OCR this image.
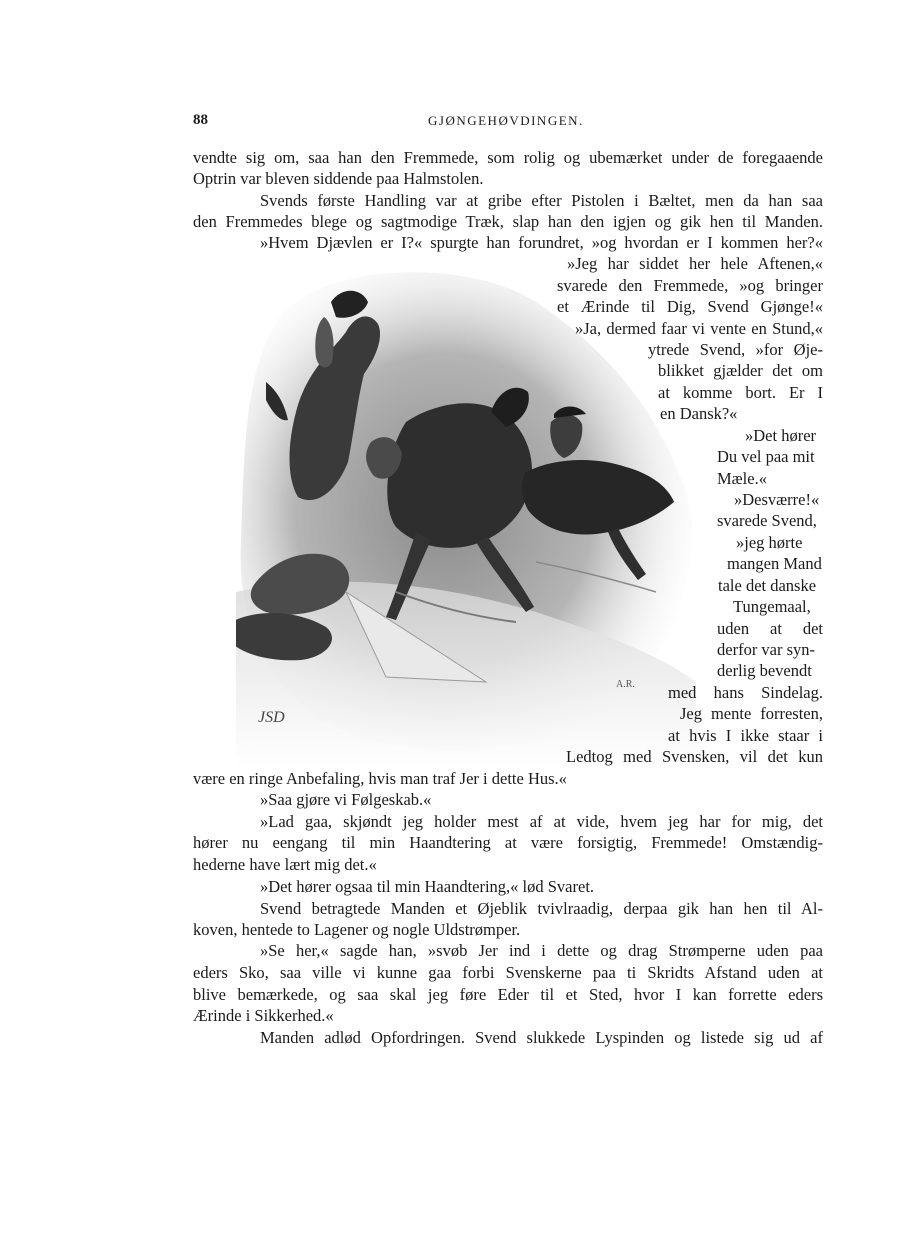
88	GJØNGEHØVDINGEN.
JSD
A.R.
vendte sig om, saa han den Fremmede, som rolig og ubemærket under de foregaaende
Optrin var bleven siddende paa Halmstolen.
Svends første Handling var at gribe efter Pistolen i Bæltet, men da han saa
den Fremmedes blege og sagtmodige Træk, slap han den igjen og gik hen til Manden.
»Hvem Djævlen er I?« spurgte han forundret, »og hvordan er I kommen her?«
»Jeg har siddet her hele Aftenen,«
svarede den Fremmede, »og bringer
et Ærinde til Dig, Svend Gjønge!«
»Ja, dermed faar vi vente en Stund,«
ytrede Svend, »for Øje-
blikket gjælder det om
at komme bort. Er I
en Dansk?«
»Det hører
Du vel paa mit
Mæle.«
»Desværre!«
svarede Svend,
»jeg hørte
mangen Mand
tale det danske
Tungemaal,
uden at det
derfor var syn-
derlig bevendt
med hans Sindelag.
Jeg mente forresten,
at hvis I ikke staar i
Ledtog med Svensken, vil det kun
være en ringe Anbefaling, hvis man traf Jer i dette Hus.«
»Saa gjøre vi Følgeskab.«
»Lad gaa, skjøndt jeg holder mest af at vide, hvem jeg har for mig, det
hører nu eengang til min Haandtering at være forsigtig, Fremmede! Omstændig-
hederne have lært mig det.«
»Det hører ogsaa til min Haandtering,« lød Svaret.
Svend betragtede Manden et Øjeblik tvivlraadig, derpaa gik han hen til Al-
koven, hentede to Lagener og nogle Uldstrømper.
»Se her,« sagde han, »svøb Jer ind i dette og drag Strømperne uden paa
eders Sko, saa ville vi kunne gaa forbi Svenskerne paa ti Skridts Afstand uden at
blive bemærkede, og saa skal jeg føre Eder til et Sted, hvor I kan forrette eders
Ærinde i Sikkerhed.«
Manden adlød Opfordringen. Svend slukkede Lyspinden og listede sig ud af
